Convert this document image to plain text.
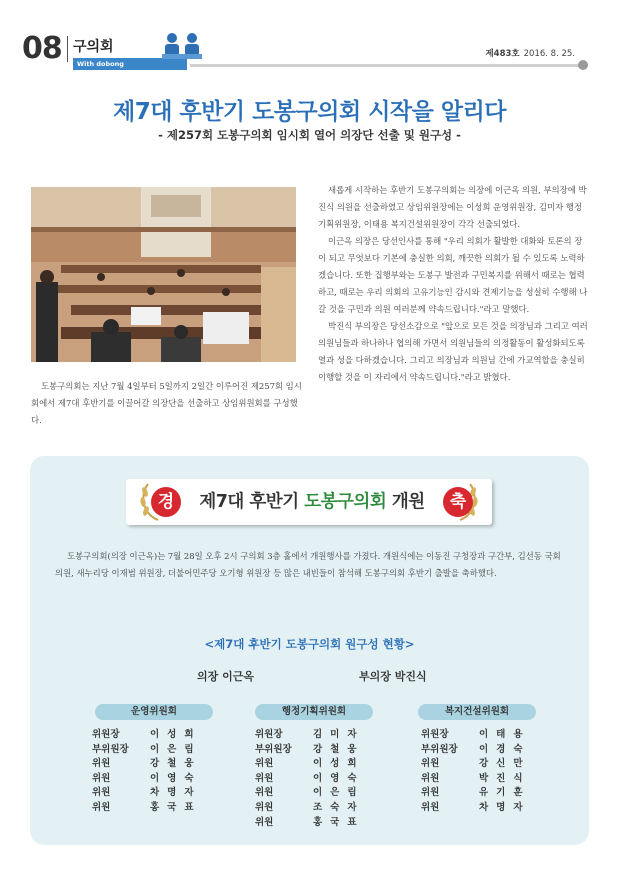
08 구의회
With dobong
제483호 2016. 8. 25.
제7대 후반기 도봉구의회 시작을 알리다
- 제257회 도봉구의회 임시회 열어 의장단 선출 및 원구성 -
도봉구의회는 지난 7월 4일부터 5일까지 2일간 이루어진 제257회 임시회에서 제7대 후반기를 이끌어갈 의장단을 선출하고 상임위원회를 구성했다.

새롭게 시작하는 후반기 도봉구의회는 의장에 이근옥 의원, 부의장에 박진식 의원을 선출하였고 상임위원장에는 이성희 운영위원장, 김미자 행정기획위원장, 이태용 복지건설위원장이 각각 선출되었다.

이근옥 의장은 당선인사를 통해 "우리 의회가 활발한 대화와 토론의 장이 되고 무엇보다 기본에 충실한 의회, 깨끗한 의회가 될 수 있도록 노력하겠습니다. 또한 집행부와는 도봉구 발전과 구민복지를 위해서 때로는 협력하고, 때로는 우리 의회의 고유기능인 감시와 견제기능을 성실히 수행해 나갈 것을 구민과 의원 여러분께 약속드립니다."라고 말했다.

박진식 부의장은 당선소감으로 "앞으로 모든 것을 의장님과 그리고 여러 의원님들과 하나하나 협의해 가면서 의원님들의 의정활동이 활성화되도록 열과 성을 다하겠습니다. 그리고 의장님과 의원님 간에 가교역할을 충실히 이행할 것을 이 자리에서 약속드립니다."라고 밝혔다.

경	축
제7대 후반기 도봉구의회 개원

도봉구의회(의장 이근옥)는 7월 28일 오후 2시 구의회 3층 홀에서 개원행사를 가졌다. 개원식에는 이동진 구청장과 구간부, 김선동 국회의원, 새누리당 이재범 위원장, 더불어민주당 오기형 위원장 등 많은 내빈들이 참석해 도봉구의회 후반기 출발을 축하했다.

<제7대 후반기 도봉구의회 원구성 현황>
의장 이근옥	부의장 박진식
운영위원회	행정기획위원회	복지건설위원회
위원장	이성희
부위원장	이은림
위원	강철웅
위원	이영숙
위원	차명자
위원	홍국표
위원장	김미자
부위원장	강철웅
위원	이성희
위원	이영숙
위원	이은림
위원	조숙자
위원	홍국표
위원장	이태용
부위원장	이경숙
위원	강신만
위원	박진식
위원	유기훈
위원	차명자
